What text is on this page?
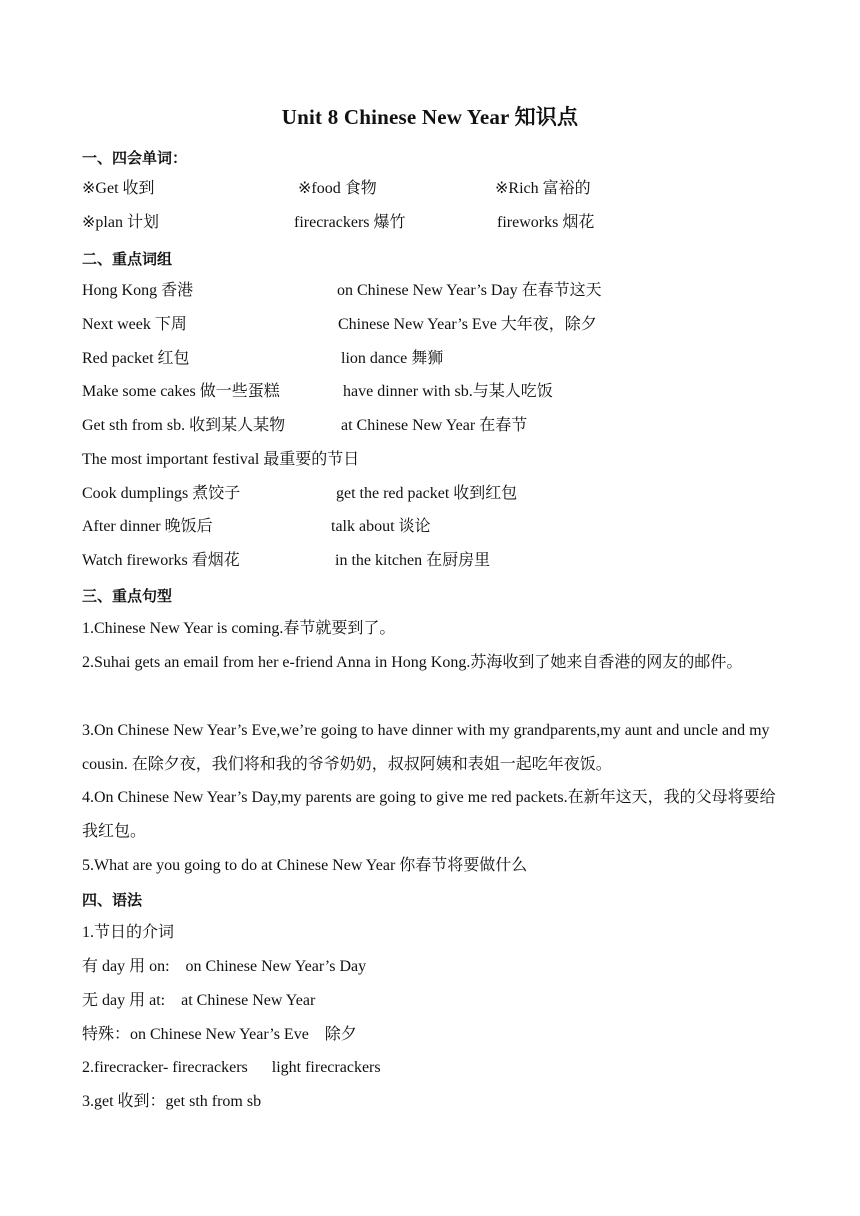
Unit 8 Chinese New Year 知识点
一、四会单词：
※Get 收到	※food 食物	※Rich 富裕的
※plan 计划	firecrackers 爆竹	fireworks 烟花
二、重点词组
Hong Kong 香港	on Chinese New Year’s Day 在春节这天
Next week 下周	Chinese New Year’s Eve 大年夜，除夕
Red packet 红包	lion dance 舞狮
Make some cakes 做一些蛋糕	have dinner with sb.与某人吃饭
Get sth from sb. 收到某人某物	at Chinese New Year 在春节
The most important festival 最重要的节日
Cook dumplings 煮饺子	get the red packet 收到红包
After dinner 晚饭后	talk about 谈论
Watch fireworks 看烟花	in the kitchen 在厨房里
三、重点句型
1.Chinese New Year is coming.春节就要到了。
2.Suhai gets an email from her e-friend Anna in Hong Kong.苏海收到了她来自香港的网友的邮件。
3.On Chinese New Year’s Eve,we’re going to have dinner with my grandparents,my aunt and uncle and my cousin. 在除夕夜，我们将和我的爷爷奶奶，叔叔阿姨和表姐一起吃年夜饭。
4.On Chinese New Year’s Day,my parents are going to give me red packets.在新年这天，我的父母将要给我红包。
5.What are you going to do at Chinese New Year 你春节将要做什么
四、语法
1.节日的介词
有 day 用 on:    on Chinese New Year’s Day
无 day 用 at:    at Chinese New Year
特殊：on Chinese New Year’s Eve    除夕
2.firecracker- firecrackers      light firecrackers
3.get 收到：get sth from sb
